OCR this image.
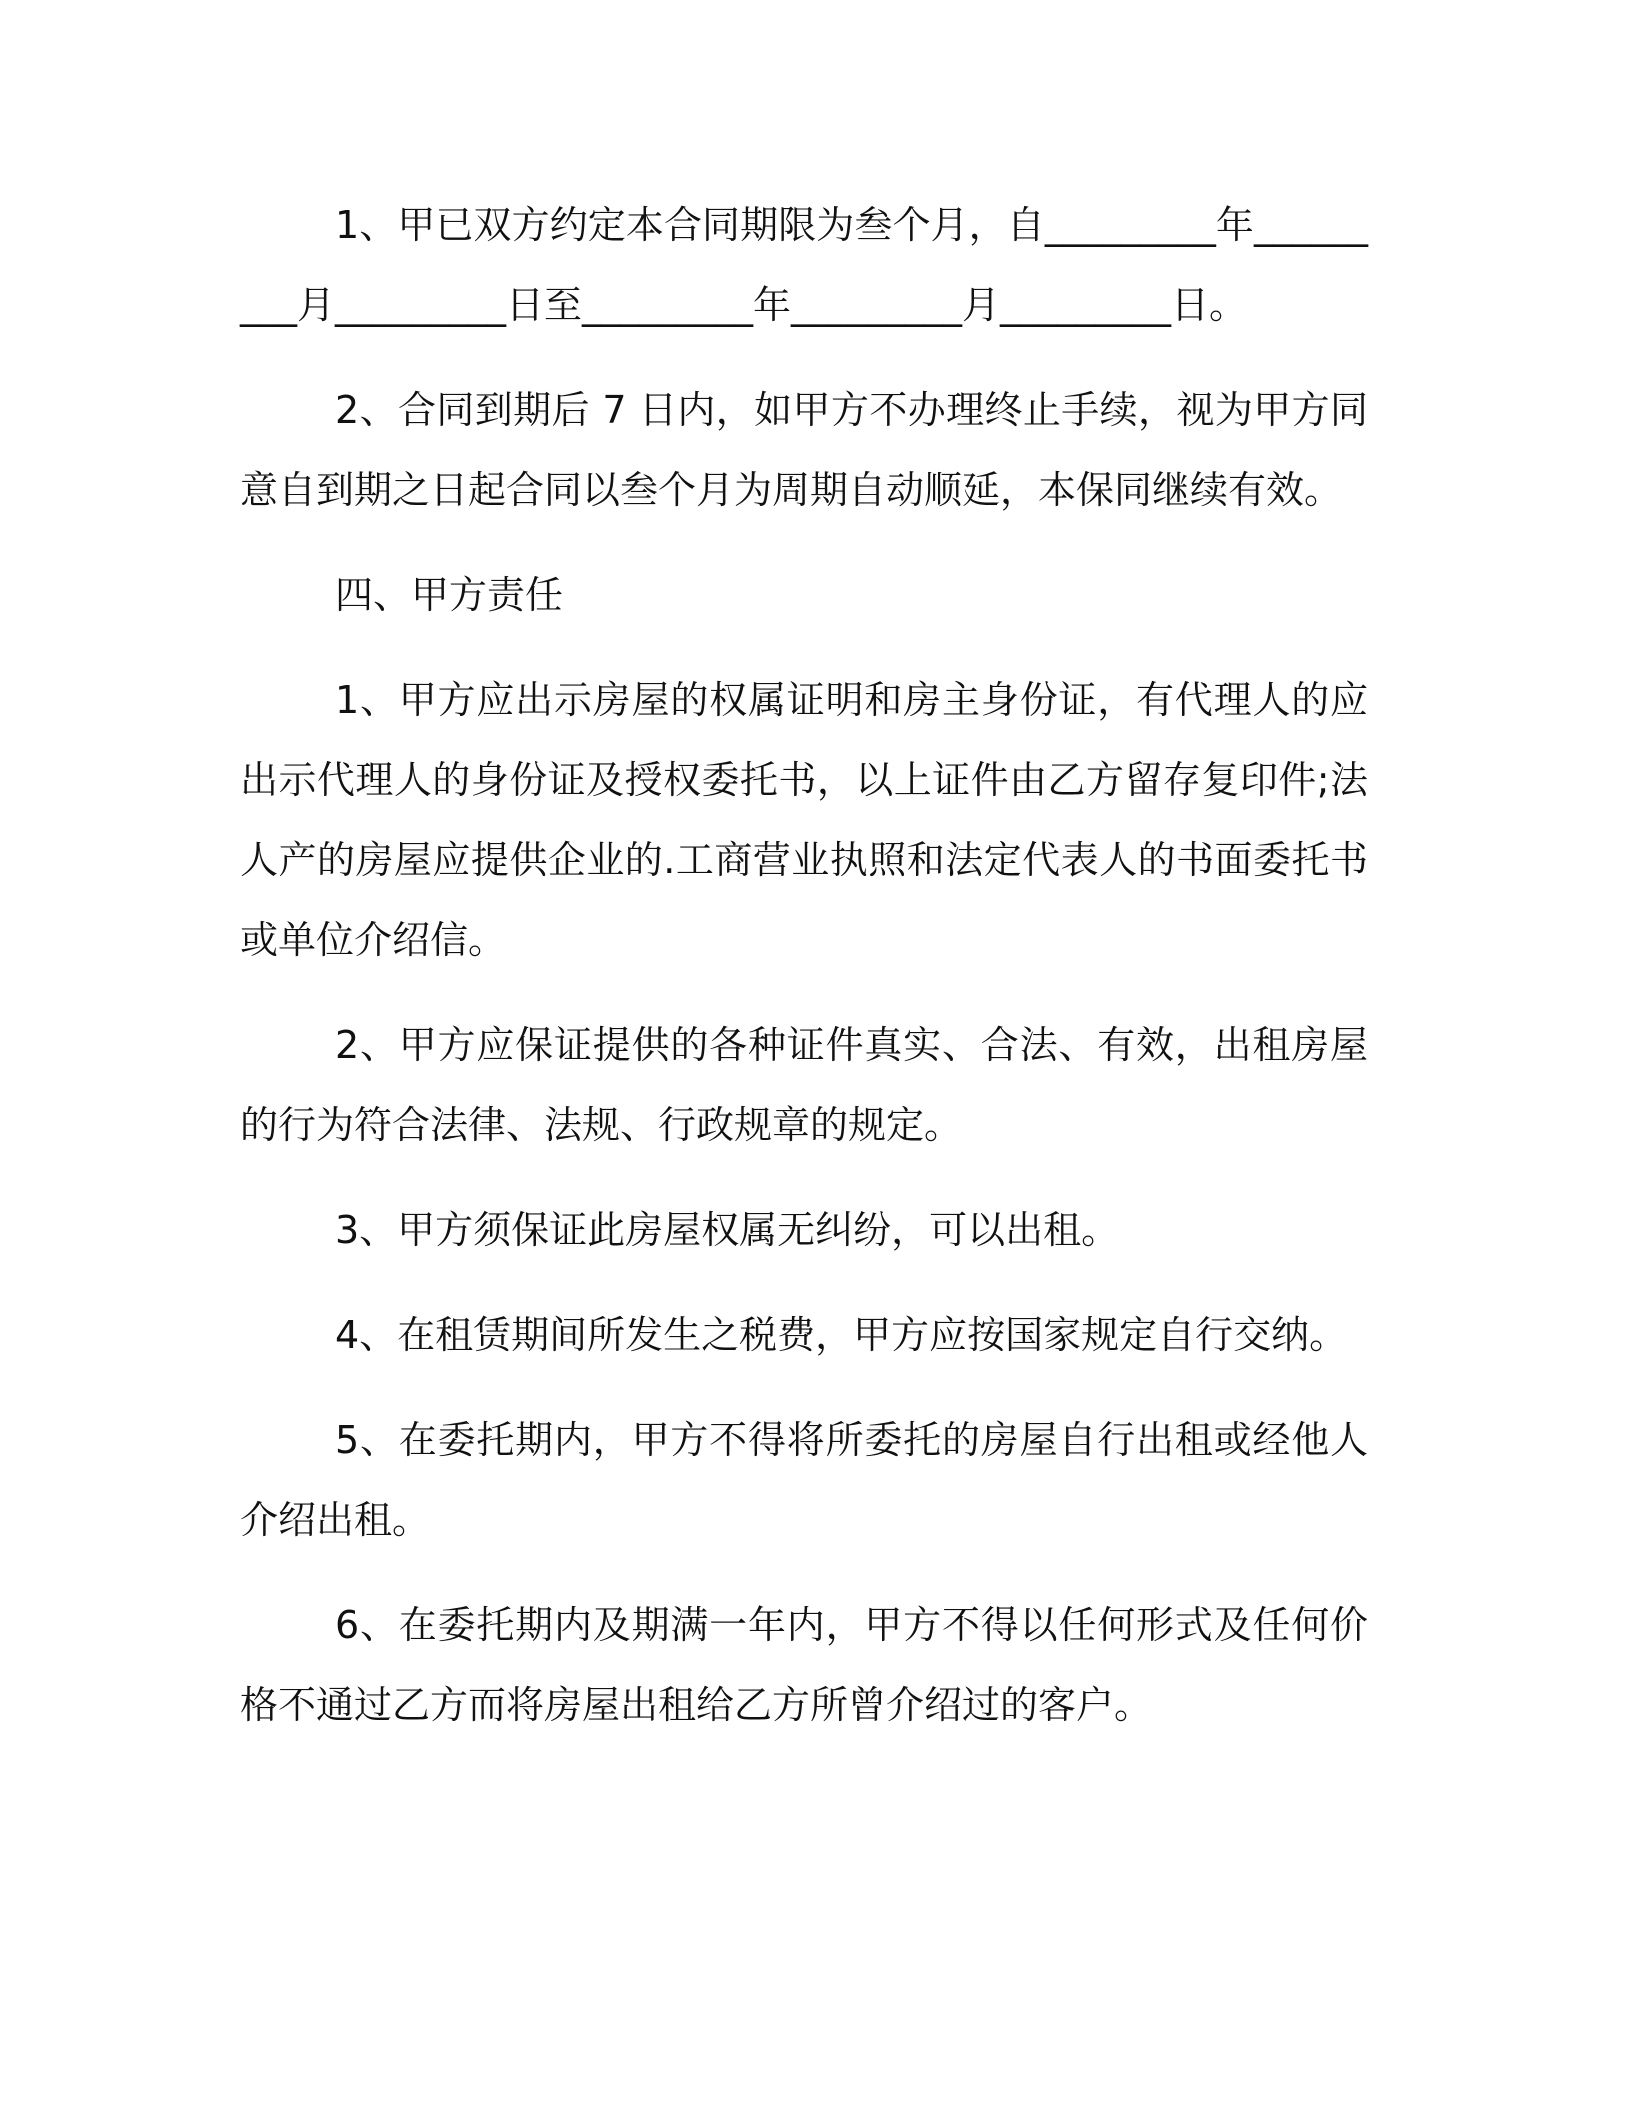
1、甲已双方约定本合同期限为叁个月，自_________年_________月_________日至_________年_________月_________日。

2、合同到期后 7 日内，如甲方不办理终止手续，视为甲方同意自到期之日起合同以叁个月为周期自动顺延，本保同继续有效。

四、甲方责任

1、甲方应出示房屋的权属证明和房主身份证，有代理人的应出示代理人的身份证及授权委托书，以上证件由乙方留存复印件;法人产的房屋应提供企业的.工商营业执照和法定代表人的书面委托书或单位介绍信。

2、甲方应保证提供的各种证件真实、合法、有效，出租房屋的行为符合法律、法规、行政规章的规定。

3、甲方须保证此房屋权属无纠纷，可以出租。

4、在租赁期间所发生之税费，甲方应按国家规定自行交纳。

5、在委托期内，甲方不得将所委托的房屋自行出租或经他人介绍出租。

6、在委托期内及期满一年内，甲方不得以任何形式及任何价格不通过乙方而将房屋出租给乙方所曾介绍过的客户。
